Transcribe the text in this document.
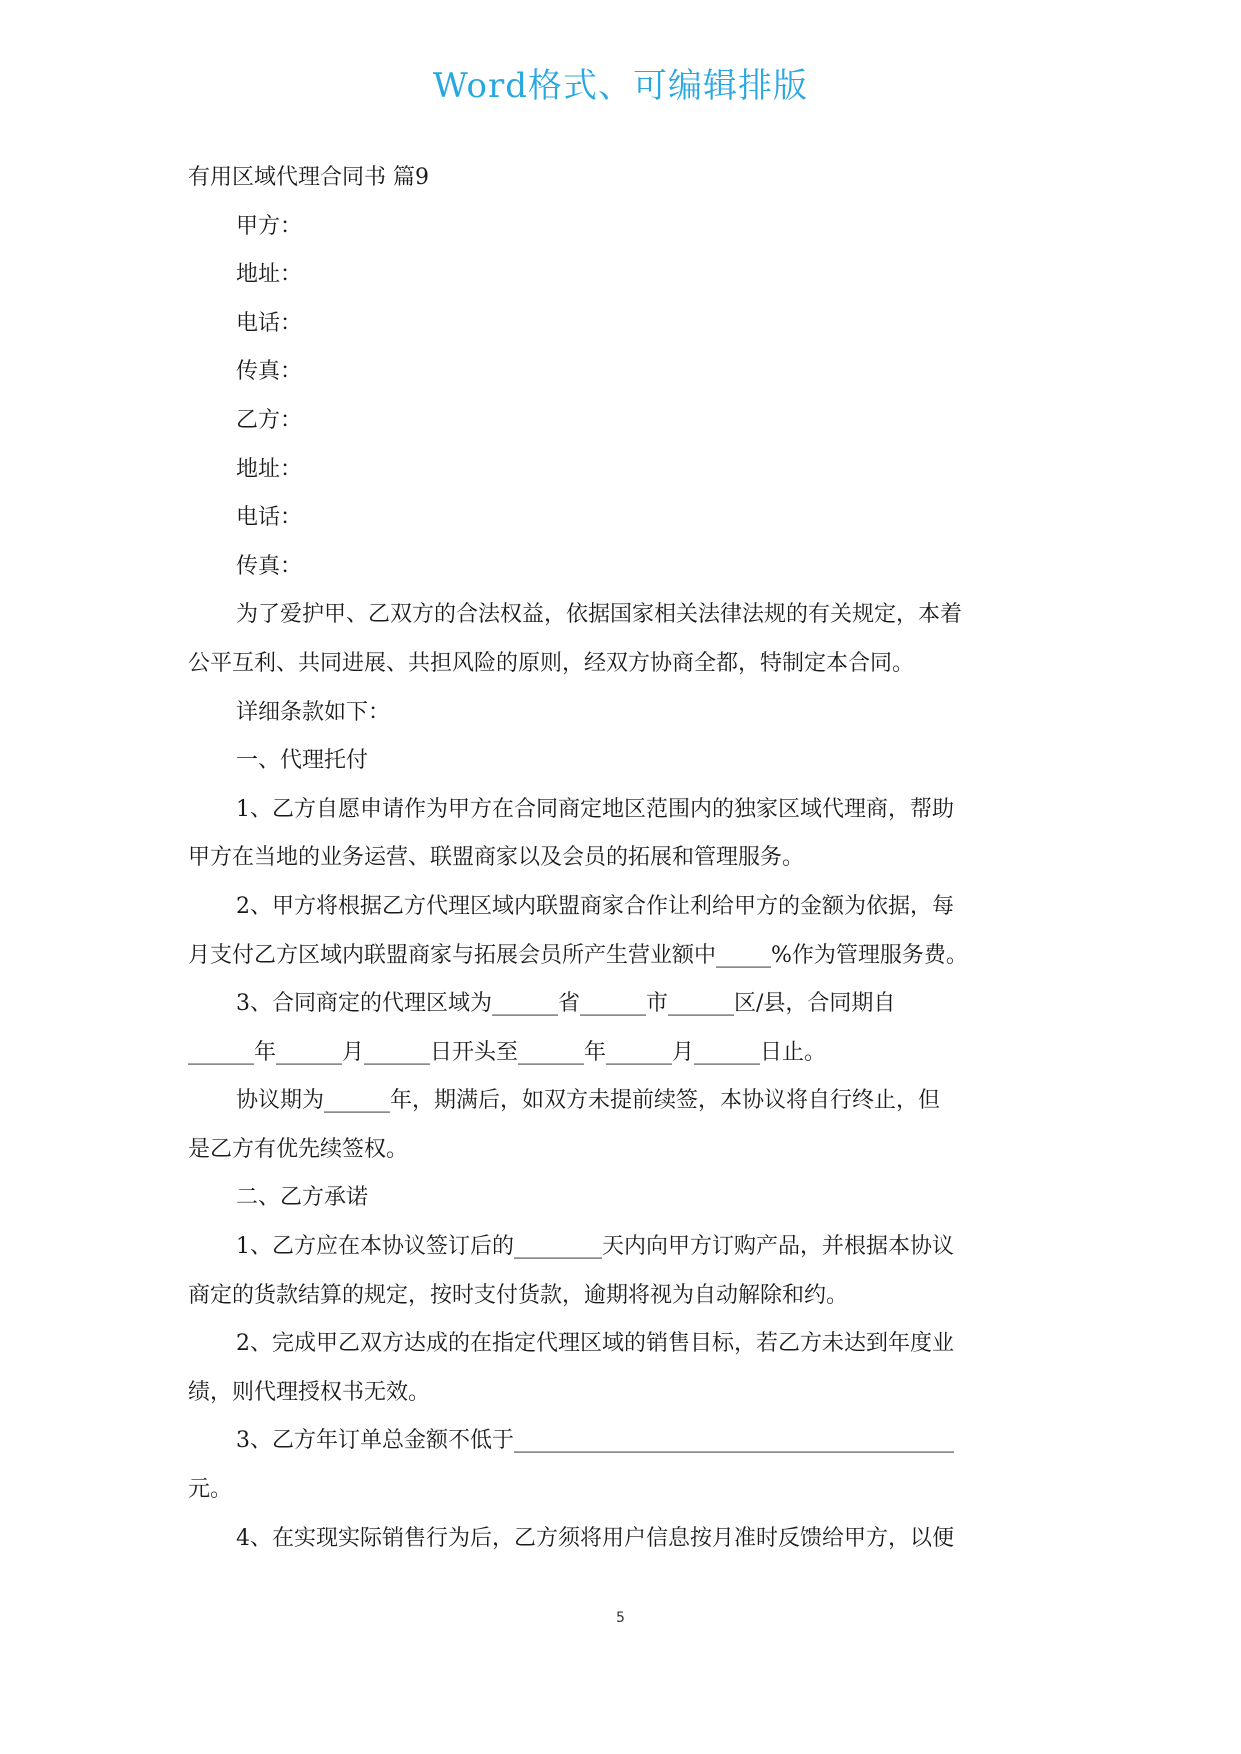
Word格式、可编辑排版
有用区域代理合同书 篇9
甲方：
地址：
电话：
传真：
乙方：
地址：
电话：
传真：
为了爱护甲、乙双方的合法权益，依据国家相关法律法规的有关规定，本着
公平互利、共同进展、共担风险的原则，经双方协商全都，特制定本合同。
详细条款如下：
一、代理托付
1、乙方自愿申请作为甲方在合同商定地区范围内的独家区域代理商，帮助
甲方在当地的业务运营、联盟商家以及会员的拓展和管理服务。
2、甲方将根据乙方代理区域内联盟商家合作让利给甲方的金额为依据，每
月支付乙方区域内联盟商家与拓展会员所产生营业额中_____%作为管理服务费。
3、合同商定的代理区域为______省______市______区/县，合同期自
______年______月______日开头至______年______月______日止。
协议期为______年，期满后，如双方未提前续签，本协议将自行终止，但
是乙方有优先续签权。
二、乙方承诺
1、乙方应在本协议签订后的________天内向甲方订购产品，并根据本协议
商定的货款结算的规定，按时支付货款，逾期将视为自动解除和约。
2、完成甲乙双方达成的在指定代理区域的销售目标，若乙方未达到年度业
绩，则代理授权书无效。
3、乙方年订单总金额不低于________________________________________
元。
4、在实现实际销售行为后，乙方须将用户信息按月准时反馈给甲方，以便
5
